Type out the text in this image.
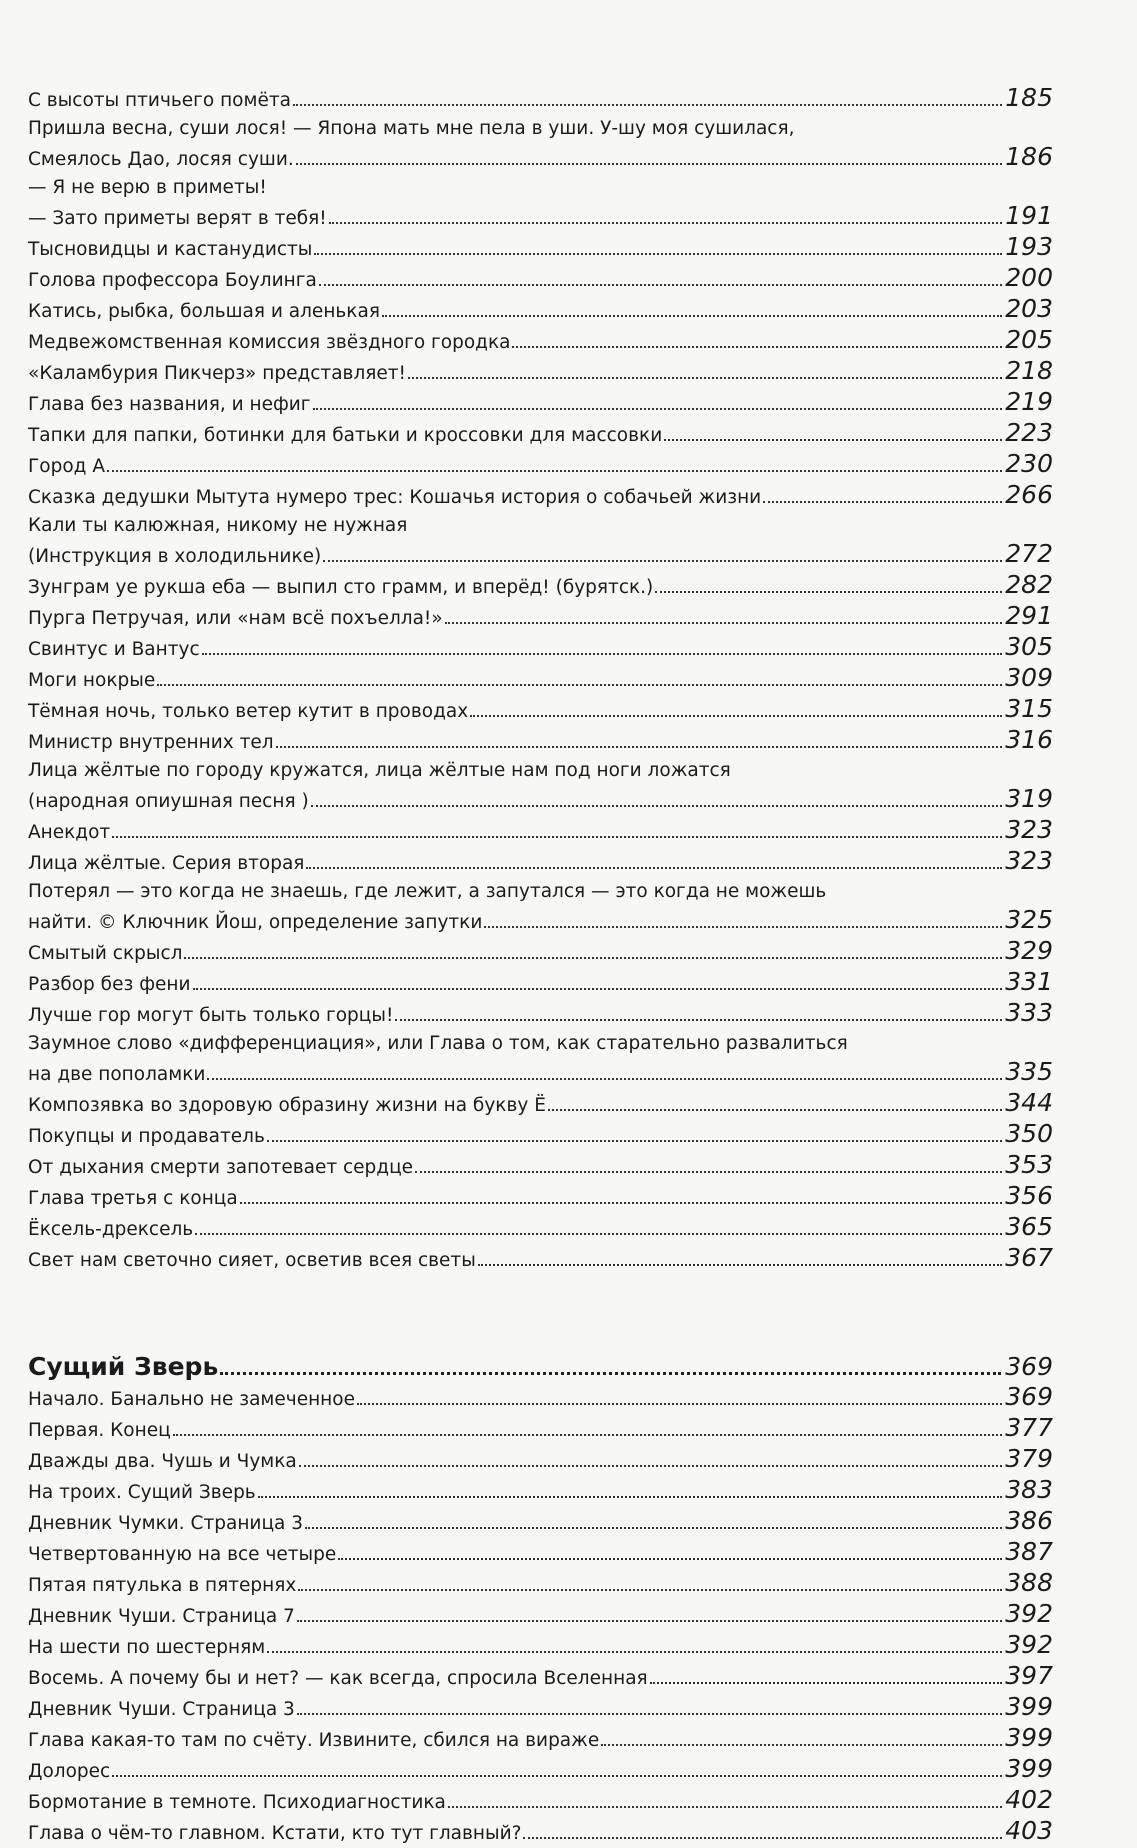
С высоты птичьего помёта	185
Пришла весна, суши лося! — Япона мать мне пела в уши. У-шу моя сушилася,
Смеялось Дао, лосяя суши.	186
— Я не верю в приметы!
— Зато приметы верят в тебя!	191
Тысновидцы и кастанудисты	193
Голова профессора Боулинга	200
Катись, рыбка, большая и аленькая	203
Медвежомственная комиссия звёздного городка	205
«Каламбурия Пикчерз» представляет!	218
Глава без названия, и нефиг	219
Тапки для папки, ботинки для батьки и кроссовки для массовки	223
Город А	230
Сказка дедушки Мытута нумеро трес: Кошачья история о собачьей жизни	266
Кали ты калюжная, никому не нужная
(Инструкция в холодильнике)	272
Зунграм уе рукша еба — выпил сто грамм, и вперёд! (бурятск.)	282
Пурга Петручая, или «нам всё похъелла!»	291
Свинтус и Вантус	305
Моги нокрые	309
Тёмная ночь, только ветер кутит в проводах	315
Министр внутренних тел	316
Лица жёлтые по городу кружатся, лица жёлтые нам под ноги ложатся
(народная опиушная песня )	319
Анекдот	323
Лица жёлтые. Серия вторая	323
Потерял — это когда не знаешь, где лежит, а запутался — это когда не можешь
найти. © Ключник Йош, определение запутки	325
Смытый скрысл	329
Разбор без фени	331
Лучше гор могут быть только горцы!	333
Заумное слово «дифференциация», или Глава о том, как старательно развалиться
на две пополамки	335
Композявка во здоровую образину жизни на букву Ё	344
Покупцы и продаватель	350
От дыхания смерти запотевает сердце	353
Глава третья с конца	356
Ёксель-дрексель	365
Свет нам светочно сияет, осветив всея светы	367
Сущий Зверь	369
Начало. Банально не замеченное	369
Первая. Конец	377
Дважды два. Чушь и Чумка	379
На троих. Сущий Зверь	383
Дневник Чумки. Страница 3	386
Четвертованную на все четыре	387
Пятая пятулька в пятернях	388
Дневник Чуши. Страница 7	392
На шести по шестерням	392
Восемь. А почему бы и нет? — как всегда, спросила Вселенная	397
Дневник Чуши. Страница 3	399
Глава какая-то там по счёту. Извините, сбился на вираже	399
Долорес	399
Бормотание в темноте. Психодиагностика	402
Глава о чём-то главном. Кстати, кто тут главный?	403
